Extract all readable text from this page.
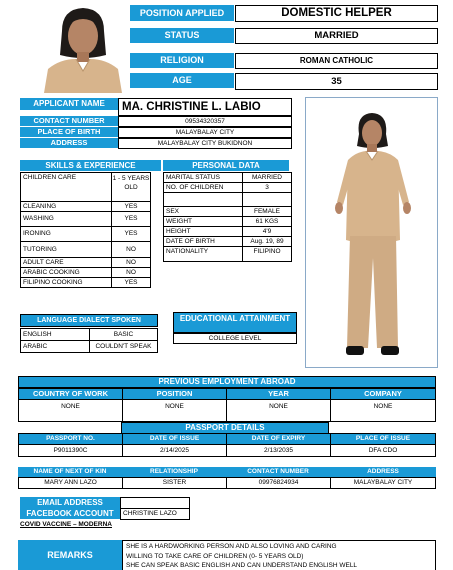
POSITION APPLIED	DOMESTIC HELPER
STATUS	MARRIED
RELIGION	ROMAN CATHOLIC
AGE	35
APPLICANT NAME	MA. CHRISTINE L. LABIO
CONTACT NUMBER	09534320357
PLACE OF BIRTH	MALAYBALAY CITY
ADDRESS	MALAYBALAY CITY BUKIDNON
SKILLS & EXPERIENCE
CHILDREN CARE	1 - 5 YEARS OLD
CLEANING	YES
WASHING	YES
IRONING	YES
TUTORING	NO
ADULT CARE	NO
ARABIC COOKING	NO
FILIPINO COOKING	YES
PERSONAL DATA
MARITAL STATUS	MARRIED
NO. OF CHILDREN	3
SEX	FEMALE
WEIGHT	61 KGS
HEIGHT	4'9
DATE OF BIRTH	Aug. 19, 89
NATIONALITY	FILIPINO
LANGUAGE DIALECT SPOKEN
ENGLISH	BASIC
ARABIC	COULDN'T SPEAK
EDUCATIONAL ATTAINMENT
COLLEGE LEVEL
PREVIOUS EMPLOYMENT ABROAD
COUNTRY OF WORK	POSITION	YEAR	COMPANY
NONE	NONE	NONE	NONE
PASSPORT DETAILS
PASSPORT NO.	DATE OF ISSUE	DATE OF EXPIRY	PLACE OF ISSUE
P9011390C	2/14/2025	2/13/2035	DFA CDO
NAME OF NEXT OF KIN	RELATIONSHIP	CONTACT NUMBER	ADDRESS
MARY ANN LAZO	SISTER	09976824934	MALAYBALAY CITY
EMAIL ADDRESS
FACEBOOK ACCOUNT	CHRISTINE LAZO
COVID VACCINE – MODERNA
REMARKS
SHE IS A HARDWORKING PERSON AND ALSO LOVING AND CARING
WILLING TO TAKE CARE OF CHILDREN (0- 5 YEARS OLD)
SHE CAN SPEAK BASIC ENGLISH AND CAN UNDERSTAND ENGLISH WELL
